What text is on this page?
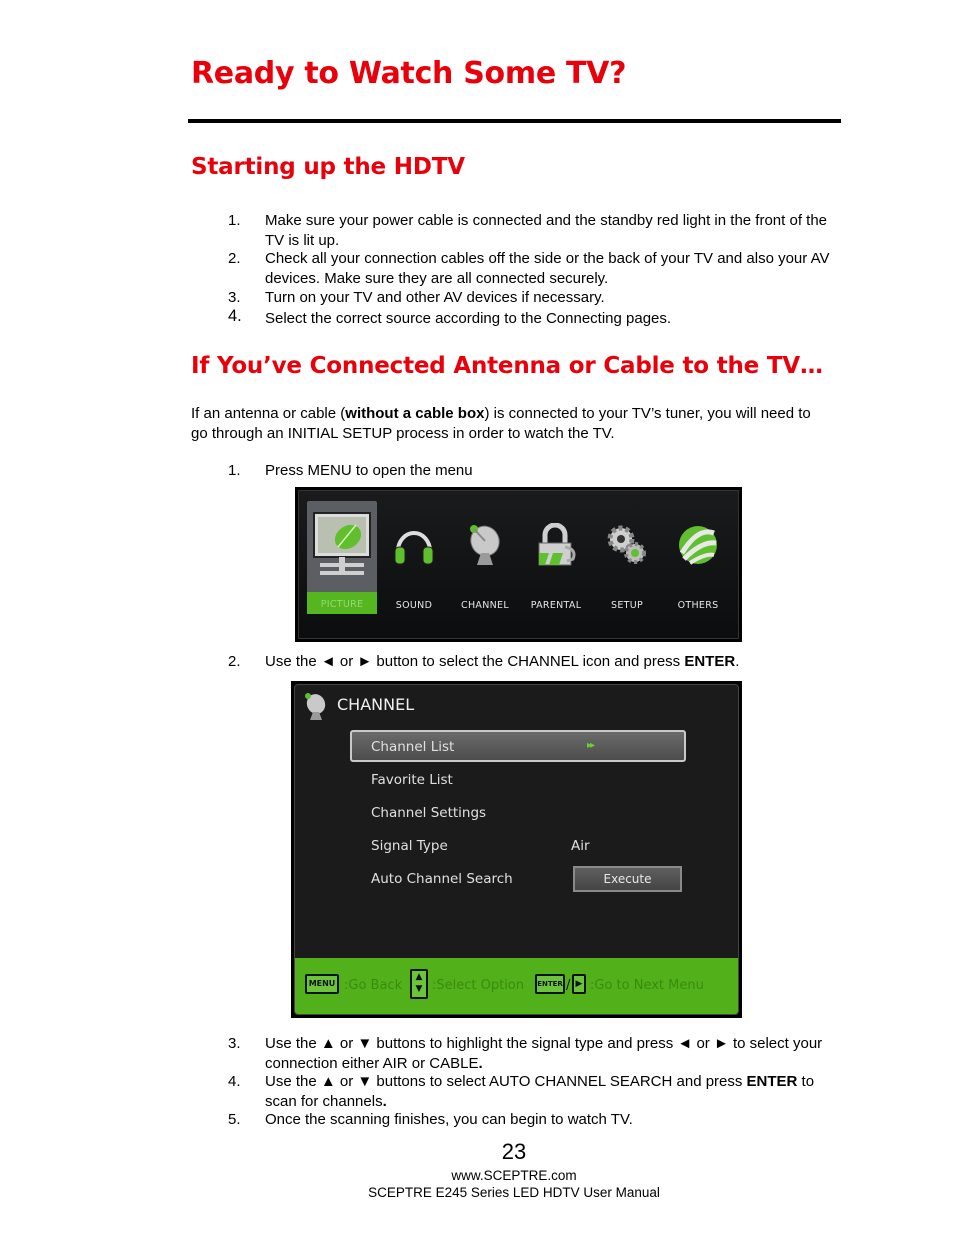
Ready to Watch Some TV?
Starting up the HDTV
1. Make sure your power cable is connected and the standby red light in the front of the TV is lit up.
2. Check all your connection cables off the side or the back of your TV and also your AV devices. Make sure they are all connected securely.
3. Turn on your TV and other AV devices if necessary.
4. Select the correct source according to the Connecting pages.
If You’ve Connected Antenna or Cable to the TV…
If an antenna or cable (without a cable box) is connected to your TV’s tuner, you will need to go through an INITIAL SETUP process in order to watch the TV.
1. Press MENU to open the menu
PICTURE	SOUND	CHANNEL	PARENTAL	SETUP	OTHERS
2. Use the ◄ or ► button to select the CHANNEL icon and press ENTER.
CHANNEL
Channel List	▸▸
Favorite List
Channel Settings
Signal Type	Air
Auto Channel Search	Execute
MENU :Go Back
▲
▼ :Select Option	ENTER / ▶ :Go to Next Menu
3. Use the ▲ or ▼ buttons to highlight the signal type and press ◄ or ► to select your connection either AIR or CABLE.
4. Use the ▲ or ▼ buttons to select AUTO CHANNEL SEARCH and press ENTER to scan for channels.
5. Once the scanning finishes, you can begin to watch TV.
23
www.SCEPTRE.com
SCEPTRE E245 Series LED HDTV User Manual
